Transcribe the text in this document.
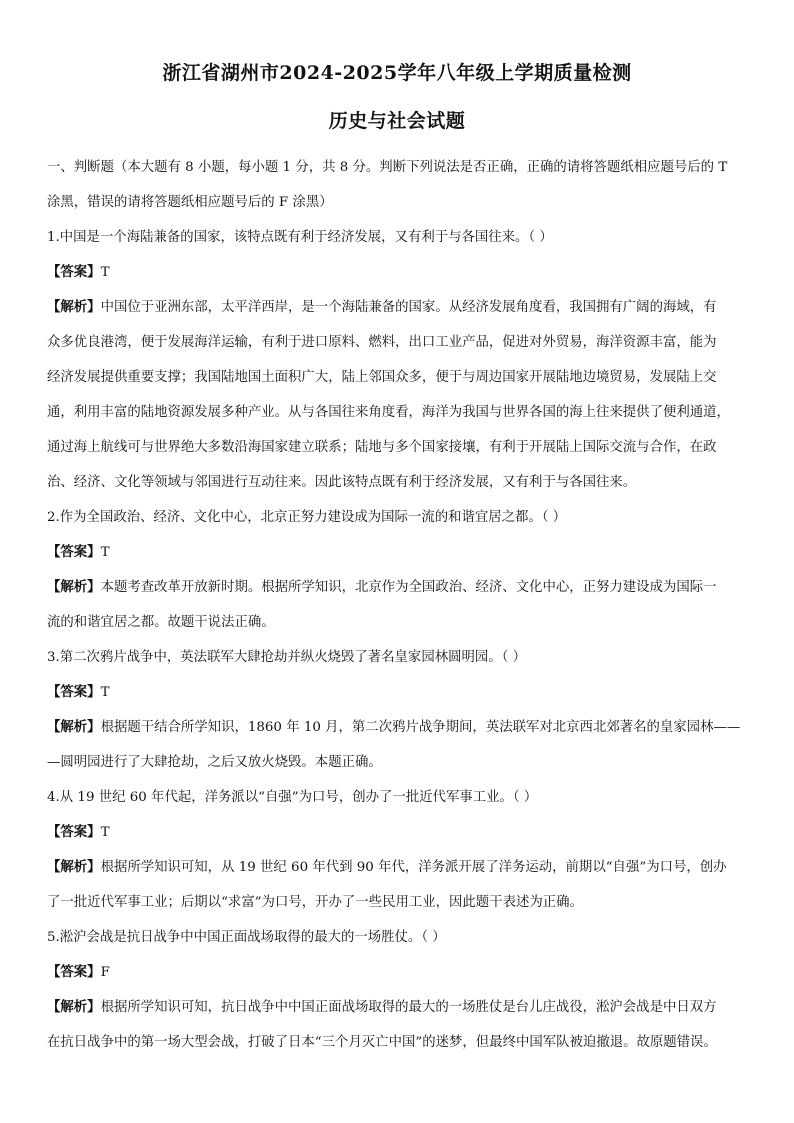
浙江省湖州市2024-2025学年八年级上学期质量检测
历史与社会试题
一、判断题（本大题有 8 小题，每小题 1 分，共 8 分。判断下列说法是否正确，正确的请将答题纸相应题号后的 T
涂黑，错误的请将答题纸相应题号后的 F 涂黑）
1.中国是一个海陆兼备的国家，该特点既有利于经济发展，又有利于与各国往来。（ ）
【答案】T
【解析】中国位于亚洲东部，太平洋西岸，是一个海陆兼备的国家。从经济发展角度看，我国拥有广阔的海域，有
众多优良港湾，便于发展海洋运输，有利于进口原料、燃料，出口工业产品，促进对外贸易，海洋资源丰富，能为
经济发展提供重要支撑；我国陆地国土面积广大，陆上邻国众多，便于与周边国家开展陆地边境贸易，发展陆上交
通，利用丰富的陆地资源发展多种产业。从与各国往来角度看，海洋为我国与世界各国的海上往来提供了便利通道，
通过海上航线可与世界绝大多数沿海国家建立联系；陆地与多个国家接壤，有利于开展陆上国际交流与合作，在政
治、经济、文化等领域与邻国进行互动往来。因此该特点既有利于经济发展，又有利于与各国往来。
2.作为全国政治、经济、文化中心，北京正努力建设成为国际一流的和谐宜居之都。（ ）
【答案】T
【解析】本题考查改革开放新时期。根据所学知识，北京作为全国政治、经济、文化中心，正努力建设成为国际一
流的和谐宜居之都。故题干说法正确。
3.第二次鸦片战争中，英法联军大肆抢劫并纵火烧毁了著名皇家园林圆明园。（ ）
【答案】T
【解析】根据题干结合所学知识，1860 年 10 月，第二次鸦片战争期间，英法联军对北京西北郊著名的皇家园林——
—圆明园进行了大肆抢劫，之后又放火烧毁。本题正确。
4.从 19 世纪 60 年代起，洋务派以“自强”为口号，创办了一批近代军事工业。（ ）
【答案】T
【解析】根据所学知识可知，从 19 世纪 60 年代到 90 年代，洋务派开展了洋务运动，前期以“自强”为口号，创办
了一批近代军事工业；后期以“求富”为口号，开办了一些民用工业，因此题干表述为正确。
5.淞沪会战是抗日战争中中国正面战场取得的最大的一场胜仗。（ ）
【答案】F
【解析】根据所学知识可知，抗日战争中中国正面战场取得的最大的一场胜仗是台儿庄战役，淞沪会战是中日双方
在抗日战争中的第一场大型会战，打破了日本“三个月灭亡中国”的迷梦，但最终中国军队被迫撤退。故原题错误。
